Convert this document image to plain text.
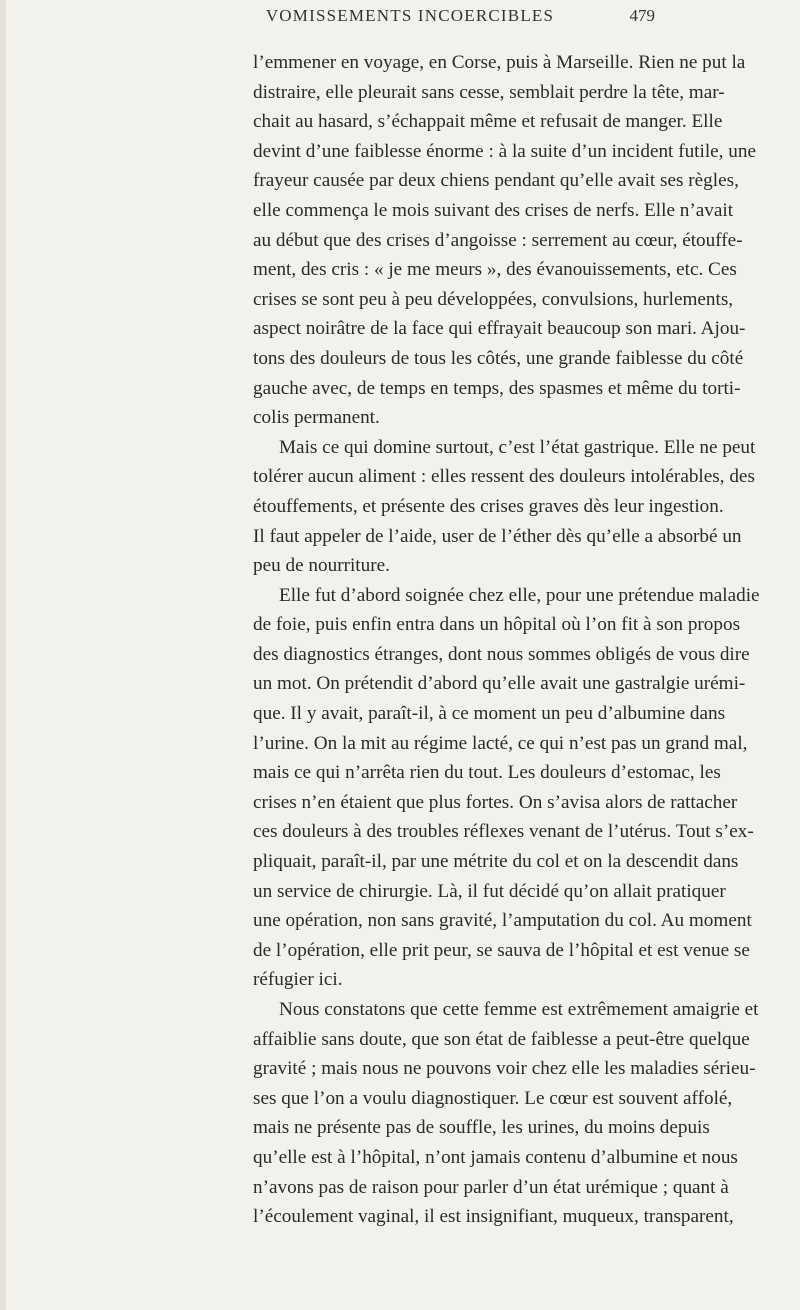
VOMISSEMENTS INCOERCIBLES	479
l’emmener en voyage, en Corse, puis à Marseille. Rien ne put la
distraire, elle pleurait sans cesse, semblait perdre la tête, mar-
chait au hasard, s’échappait même et refusait de manger. Elle
devint d’une faiblesse énorme : à la suite d’un incident futile, une
frayeur causée par deux chiens pendant qu’elle avait ses règles,
elle commença le mois suivant des crises de nerfs. Elle n’avait
au début que des crises d’angoisse : serrement au cœur, étouffe-
ment, des cris : « je me meurs », des évanouissements, etc. Ces
crises se sont peu à peu développées, convulsions, hurlements,
aspect noirâtre de la face qui effrayait beaucoup son mari. Ajou-
tons des douleurs de tous les côtés, une grande faiblesse du côté
gauche avec, de temps en temps, des spasmes et même du torti-
colis permanent.
Mais ce qui domine surtout, c’est l’état gastrique. Elle ne peut
tolérer aucun aliment : elles ressent des douleurs intolérables, des
étouffements, et présente des crises graves dès leur ingestion.
Il faut appeler de l’aide, user de l’éther dès qu’elle a absorbé un
peu de nourriture.
Elle fut d’abord soignée chez elle, pour une prétendue maladie
de foie, puis enfin entra dans un hôpital où l’on fit à son propos
des diagnostics étranges, dont nous sommes obligés de vous dire
un mot. On prétendit d’abord qu’elle avait une gastralgie urémi-
que. Il y avait, paraît-il, à ce moment un peu d’albumine dans
l’urine. On la mit au régime lacté, ce qui n’est pas un grand mal,
mais ce qui n’arrêta rien du tout. Les douleurs d’estomac, les
crises n’en étaient que plus fortes. On s’avisa alors de rattacher
ces douleurs à des troubles réflexes venant de l’utérus. Tout s’ex-
pliquait, paraît-il, par une métrite du col et on la descendit dans
un service de chirurgie. Là, il fut décidé qu’on allait pratiquer
une opération, non sans gravité, l’amputation du col. Au moment
de l’opération, elle prit peur, se sauva de l’hôpital et est venue se
réfugier ici.
Nous constatons que cette femme est extrêmement amaigrie et
affaiblie sans doute, que son état de faiblesse a peut-être quelque
gravité ; mais nous ne pouvons voir chez elle les maladies sérieu-
ses que l’on a voulu diagnostiquer. Le cœur est souvent affolé,
mais ne présente pas de souffle, les urines, du moins depuis
qu’elle est à l’hôpital, n’ont jamais contenu d’albumine et nous
n’avons pas de raison pour parler d’un état urémique ; quant à
l’écoulement vaginal, il est insignifiant, muqueux, transparent,
